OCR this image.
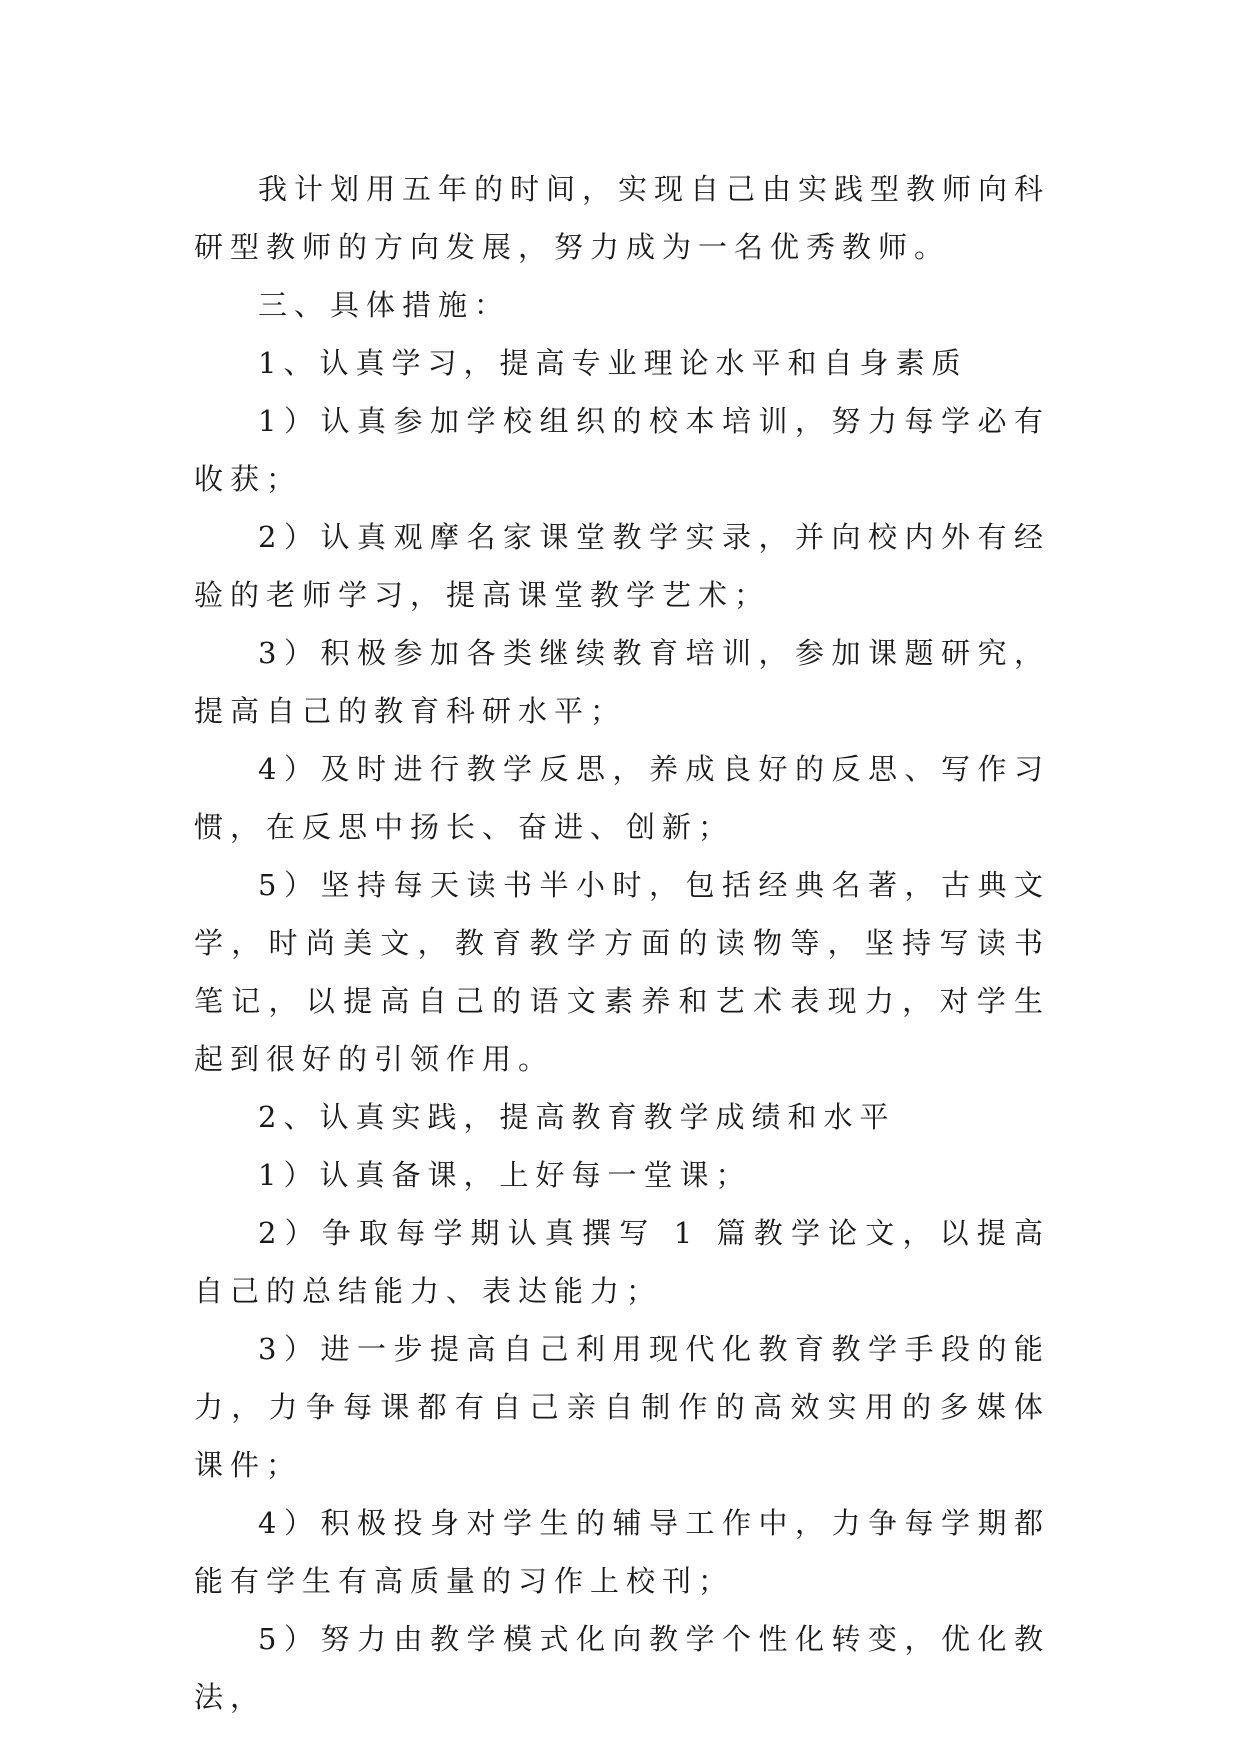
我计划用五年的时间，实现自己由实践型教师向科研型教师的方向发展，努力成为一名优秀教师。

三、具体措施：

1、认真学习，提高专业理论水平和自身素质

1）认真参加学校组织的校本培训，努力每学必有收获；

2）认真观摩名家课堂教学实录，并向校内外有经验的老师学习，提高课堂教学艺术；

3）积极参加各类继续教育培训，参加课题研究，提高自己的教育科研水平；

4）及时进行教学反思，养成良好的反思、写作习惯，在反思中扬长、奋进、创新；

5）坚持每天读书半小时，包括经典名著，古典文学，时尚美文，教育教学方面的读物等，坚持写读书笔记，以提高自己的语文素养和艺术表现力，对学生起到很好的引领作用。

2、认真实践，提高教育教学成绩和水平

1）认真备课，上好每一堂课；

2）争取每学期认真撰写 1 篇教学论文，以提高自己的总结能力、表达能力；

3）进一步提高自己利用现代化教育教学手段的能力，力争每课都有自己亲自制作的高效实用的多媒体课件；

4）积极投身对学生的辅导工作中，力争每学期都能有学生有高质量的习作上校刊；

5）努力由教学模式化向教学个性化转变，优化教法，
